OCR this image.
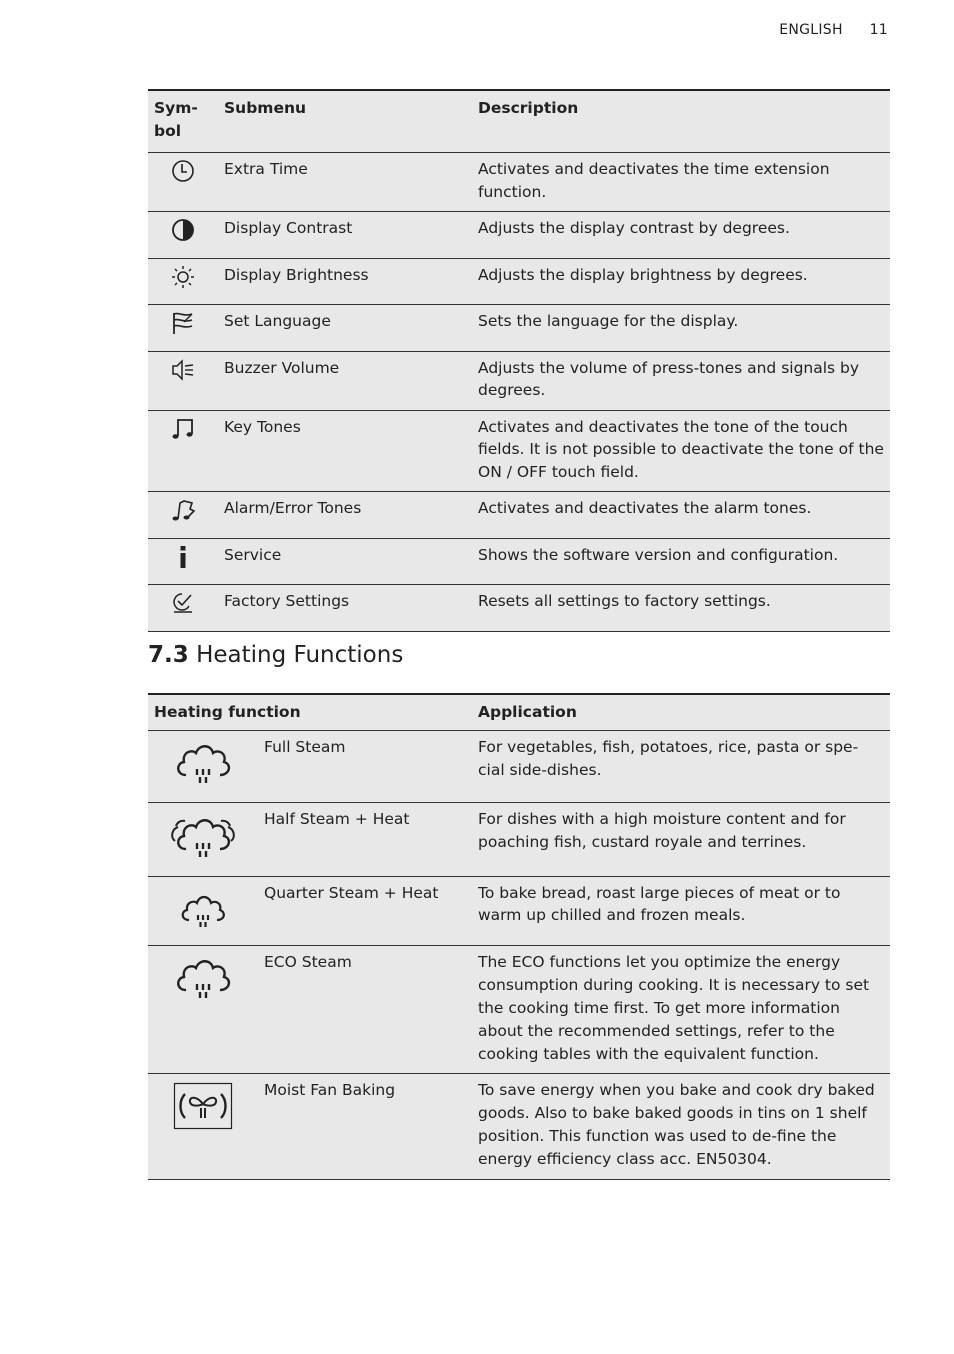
ENGLISH 11
Sym-
bol	Submenu	Description
	Extra Time	Activates and deactivates the time extension function.
	Display Contrast	Adjusts the display contrast by degrees.
	Display Brightness	Adjusts the display brightness by degrees.
	Set Language	Sets the language for the display.
	Buzzer Volume	Adjusts the volume of press-tones and signals by degrees.
	Key Tones	Activates and deactivates the tone of the touch fields. It is not possible to deactivate the tone of the ON / OFF touch field.
	Alarm/Error Tones	Activates and deactivates the alarm tones.
	Service	Shows the software version and configuration.
	Factory Settings	Resets all settings to factory settings.
7.3 Heating Functions
Heating function		Application
	Full Steam	For vegetables, fish, potatoes, rice, pasta or spe-cial side-dishes.
	Half Steam + Heat	For dishes with a high moisture content and for poaching fish, custard royale and terrines.
	Quarter Steam + Heat	To bake bread, roast large pieces of meat or to warm up chilled and frozen meals.
	ECO Steam	The ECO functions let you optimize the energy consumption during cooking. It is necessary to set the cooking time first. To get more information about the recommended settings, refer to the cooking tables with the equivalent function.
	Moist Fan Baking	To save energy when you bake and cook dry baked goods. Also to bake baked goods in tins on 1 shelf position. This function was used to de-fine the energy efficiency class acc. EN50304.
